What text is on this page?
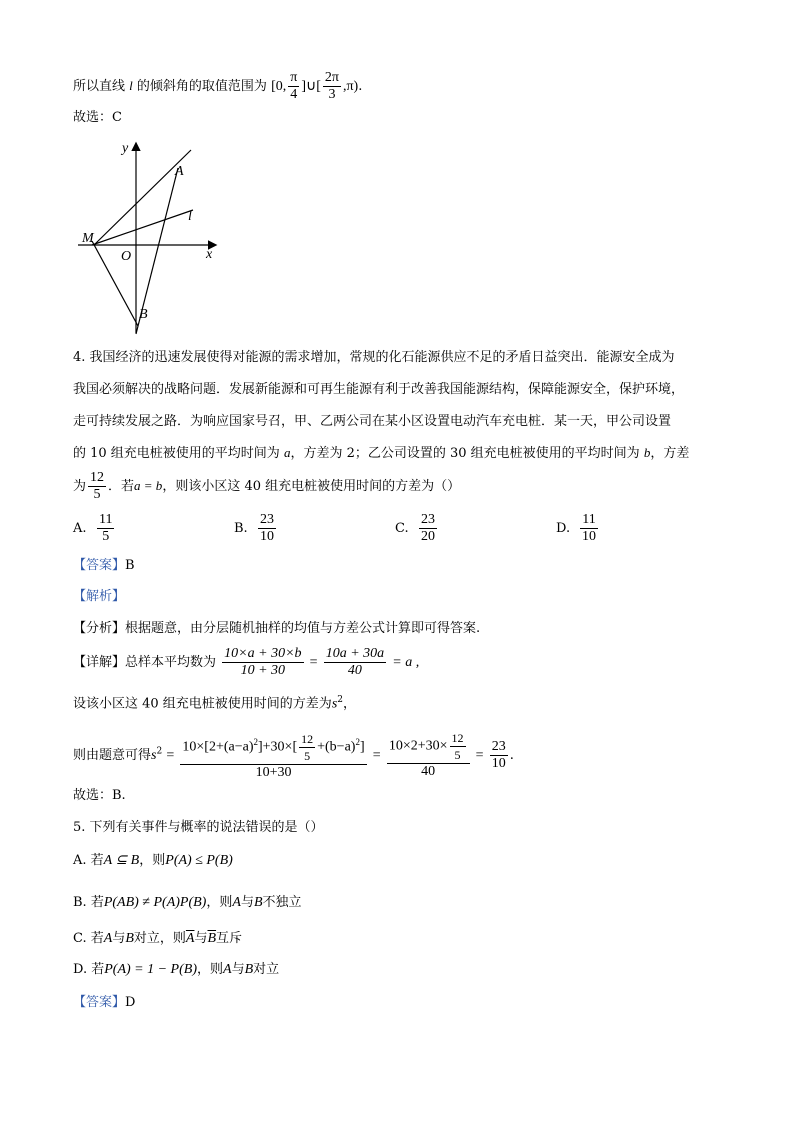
所以直线 l 的倾斜角的取值范围为 [0, $\frac{\pi}{4}$ ]∪[ $\frac{2\pi}{3} ,\pi$).
故选：C
y
x
A
l
M
O
B
4. 我国经济的迅速发展使得对能源的需求增加，常规的化石能源供应不足的矛盾日益突出．能源安全成为
我国必须解决的战略问题．发展新能源和可再生能源有利于改善我国能源结构，保障能源安全，保护环境，
走可持续发展之路．为响应国家号召，甲、乙两公司在某小区设置电动汽车充电桩．某一天，甲公司设置
的 10 组充电桩被使用的平均时间为 a，方差为 2；乙公司设置的 30 组充电桩被使用的平均时间为 b，方差
为 $\frac{12}{5}$ ．若a = b，则该小区这 40 组充电桩被使用时间的方差为（）
A. $\frac{11}{5}$	B. $\frac{23}{10}$	C. $\frac{23}{20}$	D. $\frac{11}{10}$
【答案】B
【解析】
【分析】根据题意，由分层随机抽样的均值与方差公式计算即可得答案.
【详解】总样本平均数为 $\frac{10\times a + 30\times b}{10 + 30} = \frac{10a + 30a}{40} = a$ ,
设该小区这 40 组充电桩被使用时间的方差为$s^2$，
则由题意可得$s^2 = \frac{10\times[2+(a-a)^2]+30\times[ \frac{12}{5} +(b-a)^2]}{10+30} = \frac{10\times 2+30\times \frac{12}{5}}{40} = \frac{23}{10}$ .
故选：B.
5. 下列有关事件与概率的说法错误的是（）
A. 若A ⊆ B，则P(A) ≤ P(B)
B. 若P(AB) ≠ P(A)P(B)，则A与B不独立
C. 若A与B对立，则$\overline{A}$与$\overline{B}$互斥
D. 若P(A) = 1 − P(B)，则A与B对立
【答案】D
